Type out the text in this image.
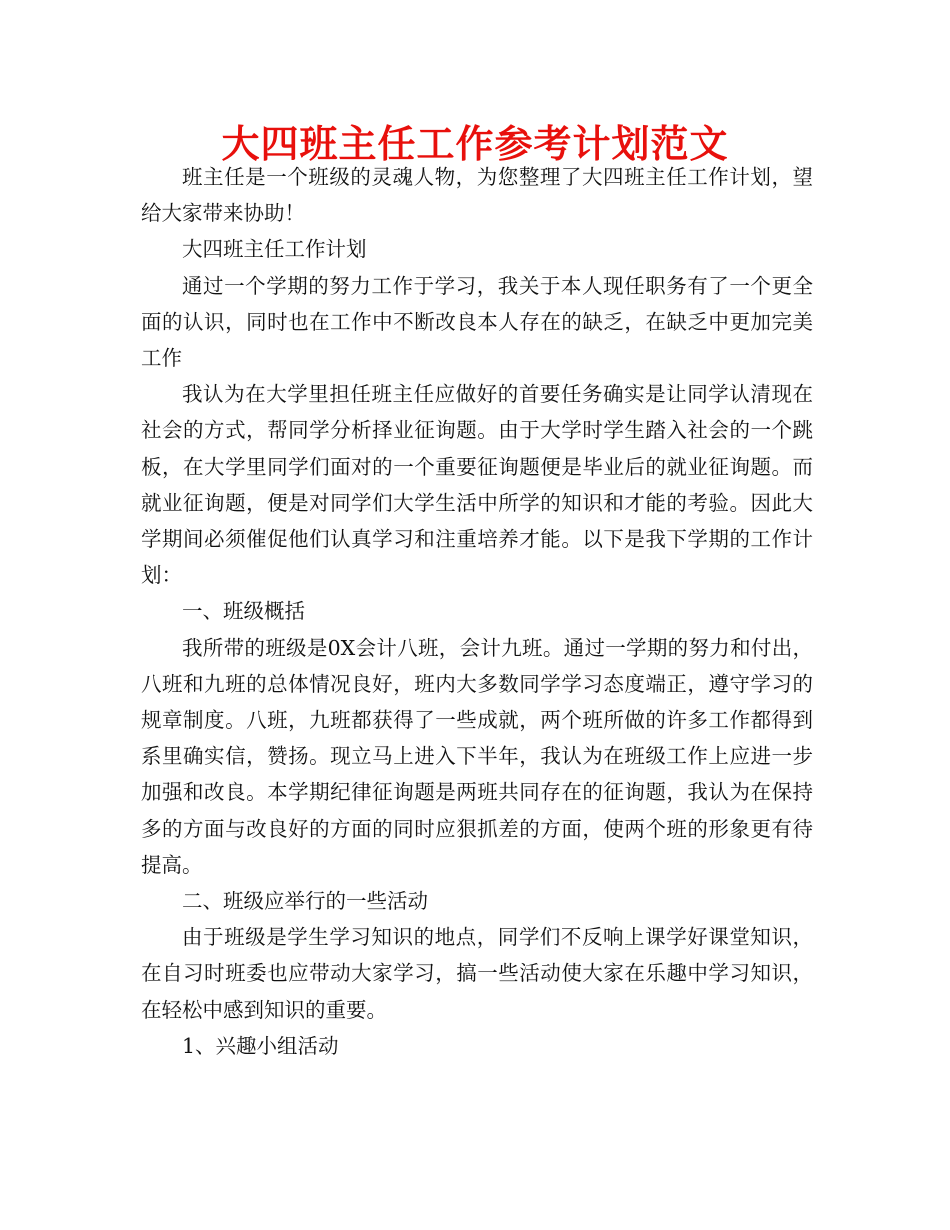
大四班主任工作参考计划范文

班主任是一个班级的灵魂人物，为您整理了大四班主任工作计划，望给大家带来协助！

大四班主任工作计划

通过一个学期的努力工作于学习，我关于本人现任职务有了一个更全面的认识，同时也在工作中不断改良本人存在的缺乏，在缺乏中更加完美工作

我认为在大学里担任班主任应做好的首要任务确实是让同学认清现在社会的方式，帮同学分析择业征询题。由于大学时学生踏入社会的一个跳板，在大学里同学们面对的一个重要征询题便是毕业后的就业征询题。而就业征询题，便是对同学们大学生活中所学的知识和才能的考验。因此大学期间必须催促他们认真学习和注重培养才能。以下是我下学期的工作计划：

一、班级概括

我所带的班级是0X会计八班，会计九班。通过一学期的努力和付出，八班和九班的总体情况良好，班内大多数同学学习态度端正，遵守学习的规章制度。八班，九班都获得了一些成就，两个班所做的许多工作都得到系里确实信，赞扬。现立马上进入下半年，我认为在班级工作上应进一步加强和改良。本学期纪律征询题是两班共同存在的征询题，我认为在保持多的方面与改良好的方面的同时应狠抓差的方面，使两个班的形象更有待提高。

二、班级应举行的一些活动

由于班级是学生学习知识的地点，同学们不反响上课学好课堂知识，在自习时班委也应带动大家学习，搞一些活动使大家在乐趣中学习知识，在轻松中感到知识的重要。

1、兴趣小组活动
